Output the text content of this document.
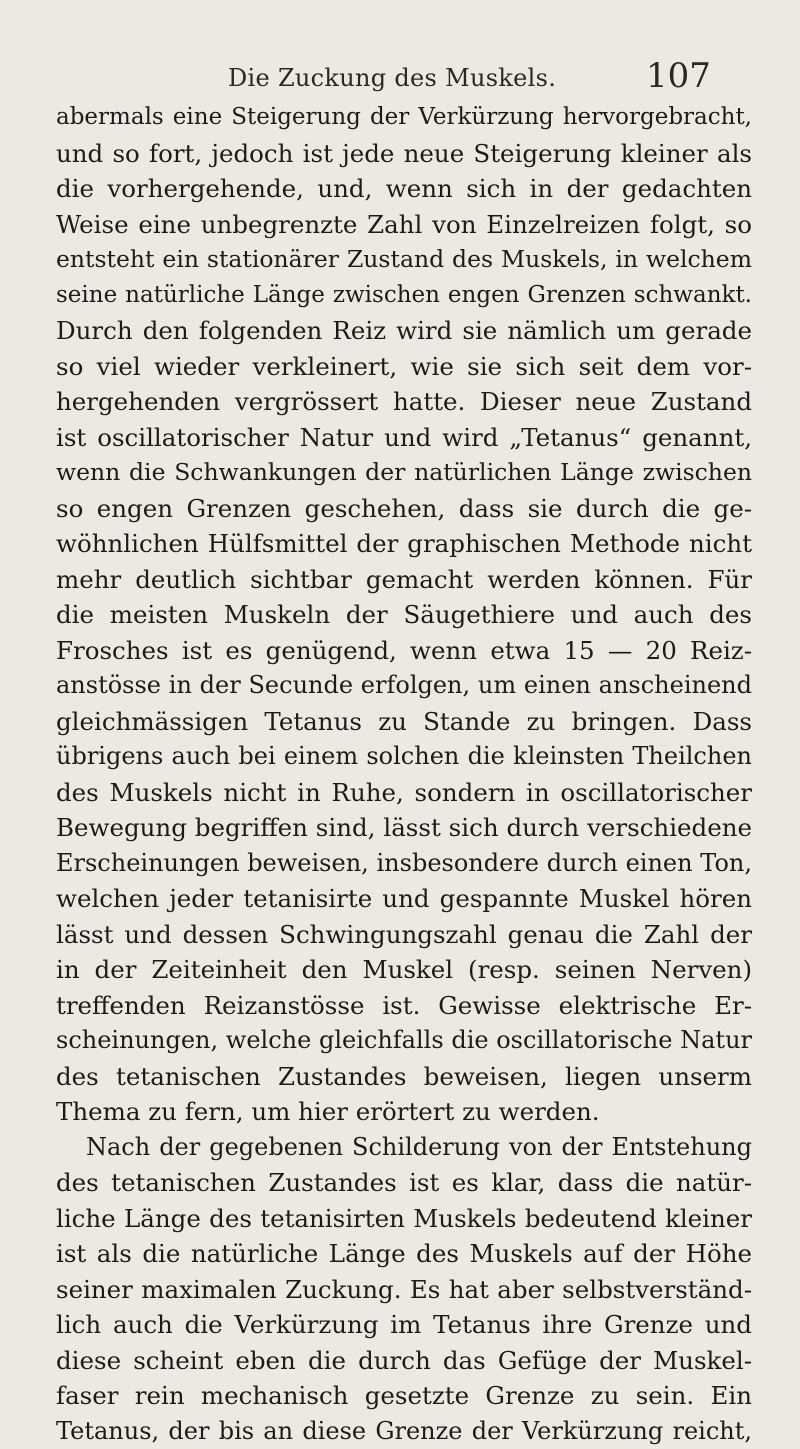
Die Zuckung des Muskels.	107
abermals eine Steigerung der Verkürzung hervorgebracht,
und so fort, jedoch ist jede neue Steigerung kleiner als
die vorhergehende, und, wenn sich in der gedachten
Weise eine unbegrenzte Zahl von Einzelreizen folgt, so
entsteht ein stationärer Zustand des Muskels, in welchem
seine natürliche Länge zwischen engen Grenzen schwankt.
Durch den folgenden Reiz wird sie nämlich um gerade
so viel wieder verkleinert, wie sie sich seit dem vor-
hergehenden vergrössert hatte. Dieser neue Zustand
ist oscillatorischer Natur und wird „Tetanus“ genannt,
wenn die Schwankungen der natürlichen Länge zwischen
so engen Grenzen geschehen, dass sie durch die ge-
wöhnlichen Hülfsmittel der graphischen Methode nicht
mehr deutlich sichtbar gemacht werden können. Für
die meisten Muskeln der Säugethiere und auch des
Frosches ist es genügend, wenn etwa 15 — 20 Reiz-
anstösse in der Secunde erfolgen, um einen anscheinend
gleichmässigen Tetanus zu Stande zu bringen. Dass
übrigens auch bei einem solchen die kleinsten Theilchen
des Muskels nicht in Ruhe, sondern in oscillatorischer
Bewegung begriffen sind, lässt sich durch verschiedene
Erscheinungen beweisen, insbesondere durch einen Ton,
welchen jeder tetanisirte und gespannte Muskel hören
lässt und dessen Schwingungszahl genau die Zahl der
in der Zeiteinheit den Muskel (resp. seinen Nerven)
treffenden Reizanstösse ist. Gewisse elektrische Er-
scheinungen, welche gleichfalls die oscillatorische Natur
des tetanischen Zustandes beweisen, liegen unserm
Thema zu fern, um hier erörtert zu werden.
Nach der gegebenen Schilderung von der Entstehung
des tetanischen Zustandes ist es klar, dass die natür-
liche Länge des tetanisirten Muskels bedeutend kleiner
ist als die natürliche Länge des Muskels auf der Höhe
seiner maximalen Zuckung. Es hat aber selbstverständ-
lich auch die Verkürzung im Tetanus ihre Grenze und
diese scheint eben die durch das Gefüge der Muskel-
faser rein mechanisch gesetzte Grenze zu sein. Ein
Tetanus, der bis an diese Grenze der Verkürzung reicht,
